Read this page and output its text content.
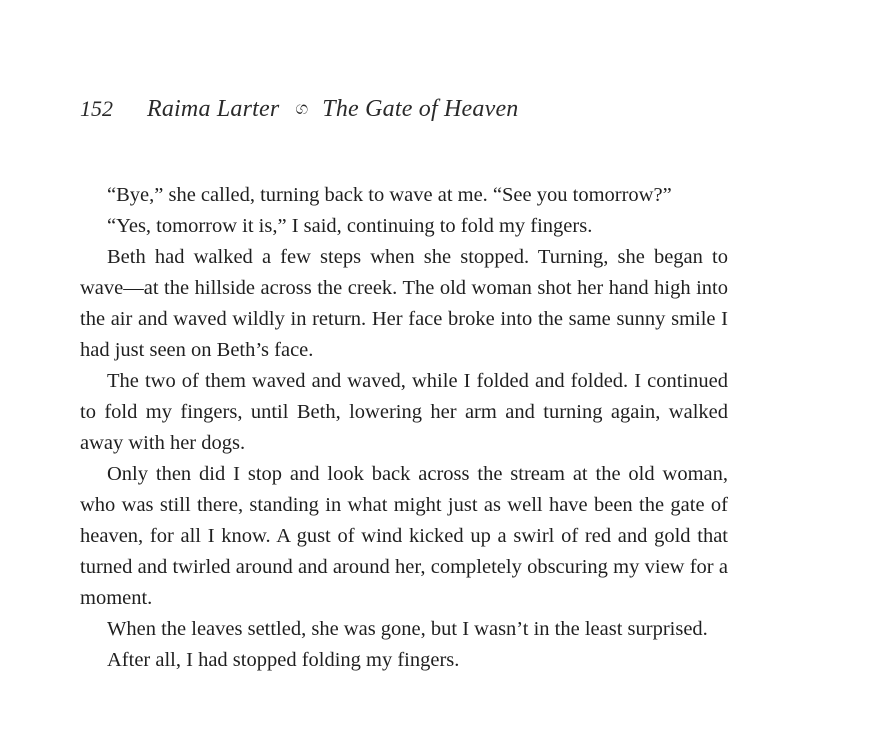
152 Raima Larter ග The Gate of Heaven

“Bye,” she called, turning back to wave at me. “See you tomorrow?”

“Yes, tomorrow it is,” I said, continuing to fold my fingers.

Beth had walked a few steps when she stopped. Turning, she began to wave—at the hillside across the creek. The old woman shot her hand high into the air and waved wildly in return. Her face broke into the same sunny smile I had just seen on Beth’s face.

The two of them waved and waved, while I folded and folded. I continued to fold my fingers, until Beth, lowering her arm and turning again, walked away with her dogs.

Only then did I stop and look back across the stream at the old woman, who was still there, standing in what might just as well have been the gate of heaven, for all I know. A gust of wind kicked up a swirl of red and gold that turned and twirled around and around her, completely obscuring my view for a moment.

When the leaves settled, she was gone, but I wasn’t in the least surprised.

After all, I had stopped folding my fingers.
